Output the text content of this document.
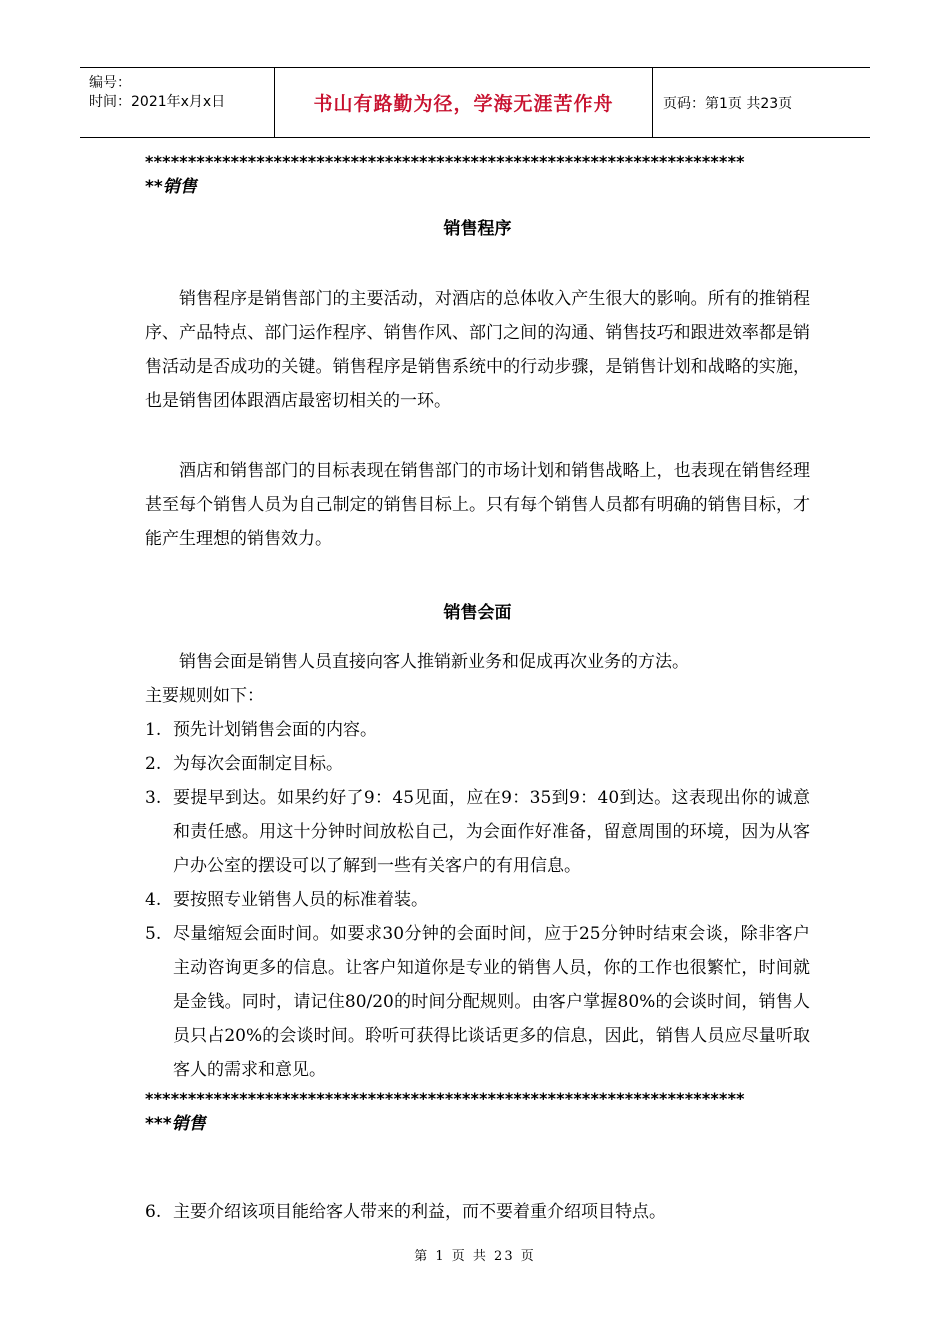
编号：
时间：2021年x月x日	书山有路勤为径，学海无涯苦作舟	页码：第1页 共23页
**********************************************************************
**销售
销售程序

销售程序是销售部门的主要活动，对酒店的总体收入产生很大的影响。所有的推销程序、产品特点、部门运作程序、销售作风、部门之间的沟通、销售技巧和跟进效率都是销售活动是否成功的关键。销售程序是销售系统中的行动步骤，是销售计划和战略的实施，也是销售团体跟酒店最密切相关的一环。

酒店和销售部门的目标表现在销售部门的市场计划和销售战略上，也表现在销售经理甚至每个销售人员为自己制定的销售目标上。只有每个销售人员都有明确的销售目标，才能产生理想的销售效力。

销售会面

销售会面是销售人员直接向客人推销新业务和促成再次业务的方法。

主要规则如下：
1. 预先计划销售会面的内容。
2. 为每次会面制定目标。
3. 要提早到达。如果约好了9：45见面，应在9：35到9：40到达。这表现出你的诚意和责任感。用这十分钟时间放松自己，为会面作好准备，留意周围的环境，因为从客户办公室的摆设可以了解到一些有关客户的有用信息。
4. 要按照专业销售人员的标准着装。
5. 尽量缩短会面时间。如要求30分钟的会面时间，应于25分钟时结束会谈，除非客户主动咨询更多的信息。让客户知道你是专业的销售人员，你的工作也很繁忙，时间就是金钱。同时，请记住80/20的时间分配规则。由客户掌握80%的会谈时间，销售人员只占20%的会谈时间。聆听可获得比谈话更多的信息，因此，销售人员应尽量听取客人的需求和意见。
**********************************************************************
***销售
6. 主要介绍该项目能给客人带来的利益，而不要着重介绍项目特点。
第 1 页 共 23 页
